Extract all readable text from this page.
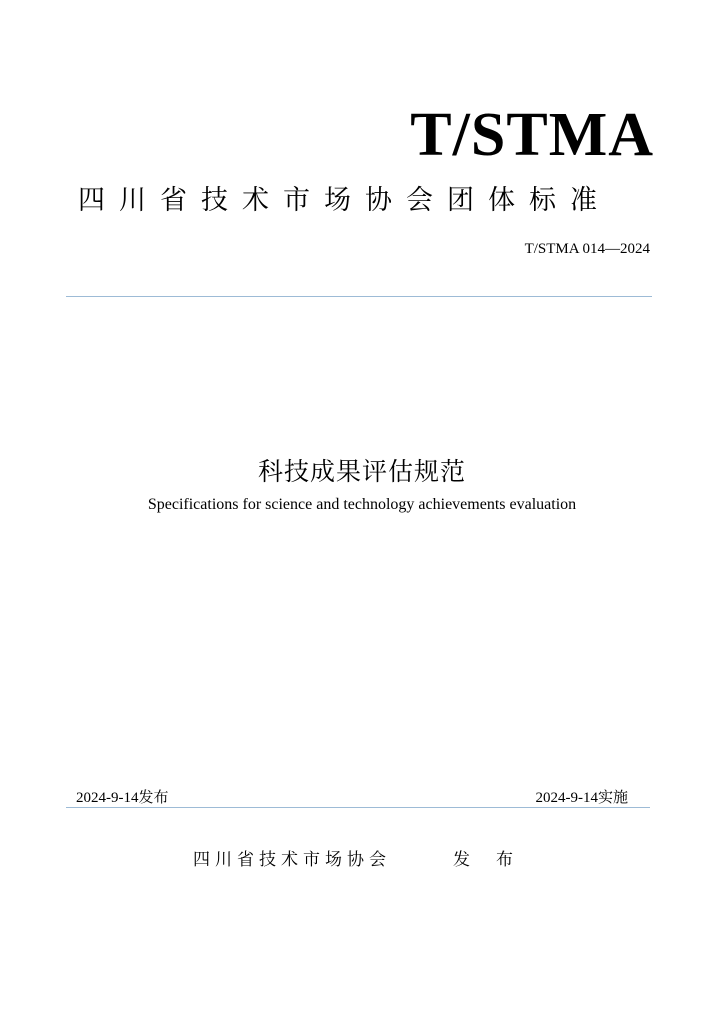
T/STMA
四川省技术市场协会团体标准
T/STMA 014—2024
科技成果评估规范
Specifications for science and technology achievements evaluation
2024-9-14发布	2024-9-14实施
四川省技术市场协会	发布
